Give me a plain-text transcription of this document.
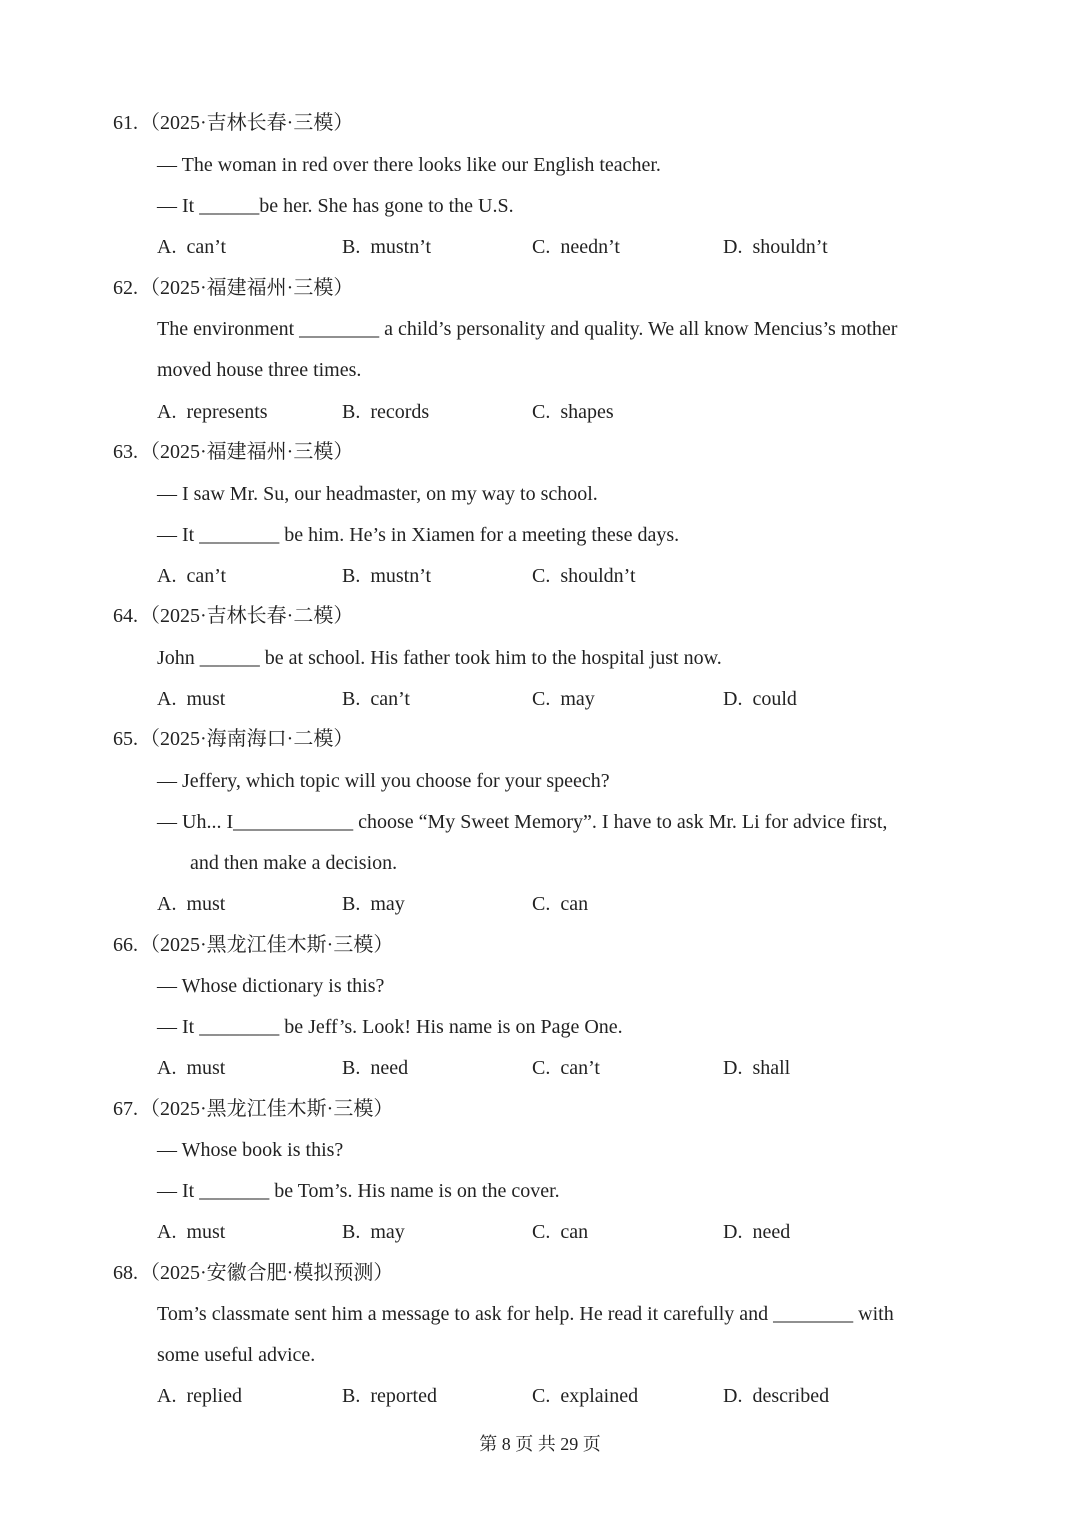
61. （2025·吉林长春·三模）
— The woman in red over there looks like our English teacher.
— It ______be her. She has gone to the U.S.
A. can’t	B. mustn’t	C. needn’t	D. shouldn’t
62. （2025·福建福州·三模）
The environment ________ a child’s personality and quality. We all know Mencius’s mother
moved house three times.
A. represents	B. records	C. shapes
63. （2025·福建福州·三模）
— I saw Mr. Su, our headmaster, on my way to school.
— It ________ be him. He’s in Xiamen for a meeting these days.
A. can’t	B. mustn’t	C. shouldn’t
64. （2025·吉林长春·二模）
John ______ be at school. His father took him to the hospital just now.
A. must	B. can’t	C. may	D. could
65. （2025·海南海口·二模）
— Jeffery, which topic will you choose for your speech?
— Uh... I____________ choose “My Sweet Memory”. I have to ask Mr. Li for advice first,
and then make a decision.
A. must	B. may	C. can
66. （2025·黑龙江佳木斯·三模）
— Whose dictionary is this?
— It ________ be Jeff’s. Look! His name is on Page One.
A. must	B. need	C. can’t	D. shall
67. （2025·黑龙江佳木斯·三模）
— Whose book is this?
— It _______ be Tom’s. His name is on the cover.
A. must	B. may	C. can	D. need
68. （2025·安徽合肥·模拟预测）
Tom’s classmate sent him a message to ask for help. He read it carefully and ________ with
some useful advice.
A. replied	B. reported	C. explained	D. described
第 8 页 共 29 页
